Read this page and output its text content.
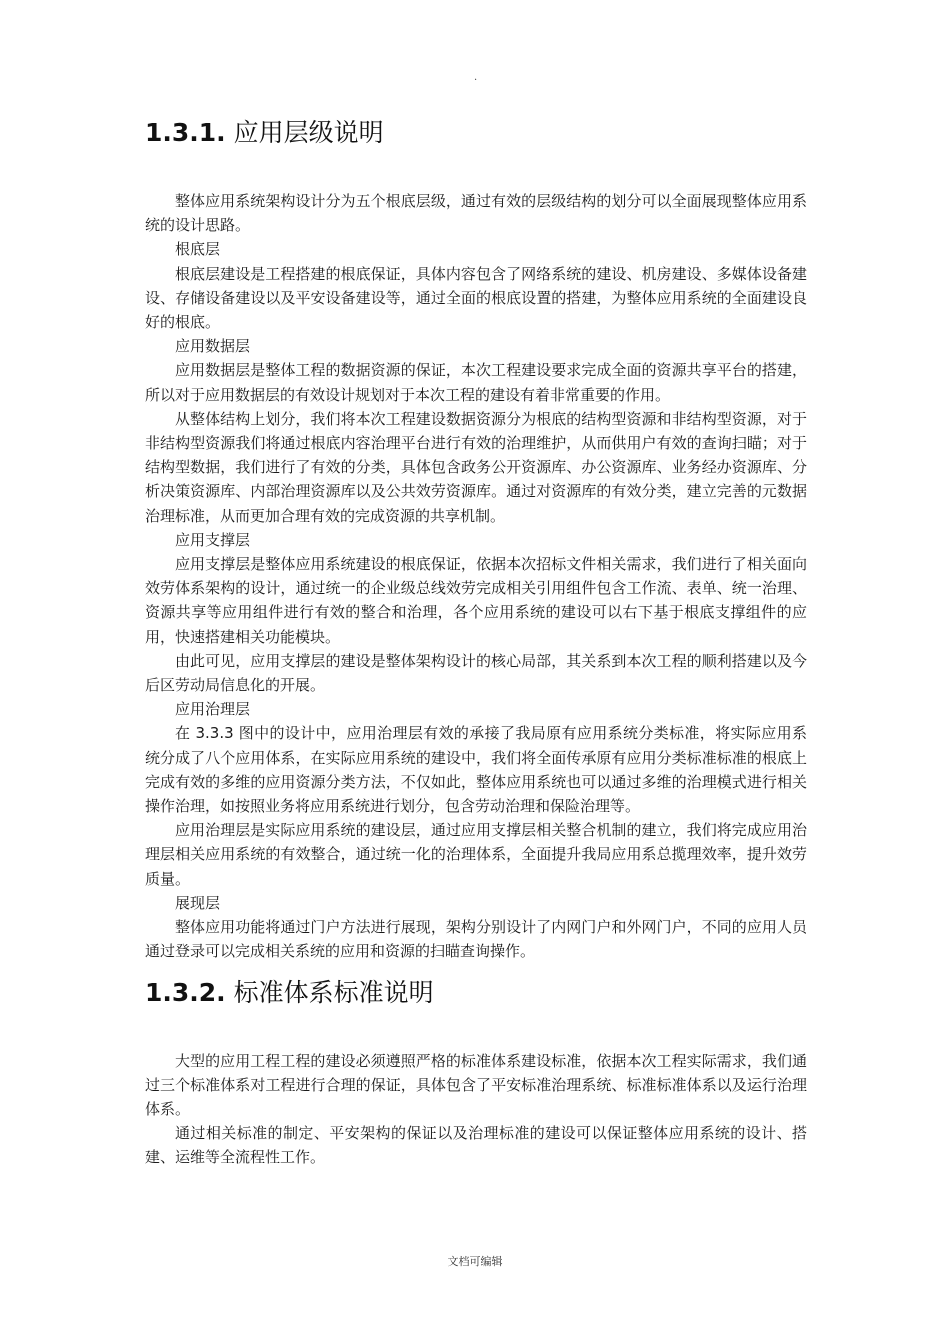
.
1.3.1. 应用层级说明

整体应用系统架构设计分为五个根底层级，通过有效的层级结构的划分可以全面展现整体应用系统的设计思路。

根底层

根底层建设是工程搭建的根底保证，具体内容包含了网络系统的建设、机房建设、多媒体设备建设、存储设备建设以及平安设备建设等，通过全面的根底设置的搭建，为整体应用系统的全面建设良好的根底。

应用数据层

应用数据层是整体工程的数据资源的保证，本次工程建设要求完成全面的资源共享平台的搭建，所以对于应用数据层的有效设计规划对于本次工程的建设有着非常重要的作用。

从整体结构上划分，我们将本次工程建设数据资源分为根底的结构型资源和非结构型资源，对于非结构型资源我们将通过根底内容治理平台进行有效的治理维护，从而供用户有效的查询扫瞄；对于结构型数据，我们进行了有效的分类，具体包含政务公开资源库、办公资源库、业务经办资源库、分析决策资源库、内部治理资源库以及公共效劳资源库。通过对资源库的有效分类，建立完善的元数据治理标准，从而更加合理有效的完成资源的共享机制。

应用支撑层

应用支撑层是整体应用系统建设的根底保证，依据本次招标文件相关需求，我们进行了相关面向效劳体系架构的设计，通过统一的企业级总线效劳完成相关引用组件包含工作流、表单、统一治理、资源共享等应用组件进行有效的整合和治理，各个应用系统的建设可以右下基于根底支撑组件的应用，快速搭建相关功能模块。

由此可见，应用支撑层的建设是整体架构设计的核心局部，其关系到本次工程的顺利搭建以及今后区劳动局信息化的开展。

应用治理层

在 3.3.3 图中的设计中，应用治理层有效的承接了我局原有应用系统分类标准，将实际应用系统分成了八个应用体系，在实际应用系统的建设中，我们将全面传承原有应用分类标准标准的根底上完成有效的多维的应用资源分类方法，不仅如此，整体应用系统也可以通过多维的治理模式进行相关操作治理，如按照业务将应用系统进行划分，包含劳动治理和保险治理等。

应用治理层是实际应用系统的建设层，通过应用支撑层相关整合机制的建立，我们将完成应用治理层相关应用系统的有效整合，通过统一化的治理体系，全面提升我局应用系总揽理效率，提升效劳质量。

展现层

整体应用功能将通过门户方法进行展现，架构分别设计了内网门户和外网门户，不同的应用人员通过登录可以完成相关系统的应用和资源的扫瞄查询操作。

1.3.2. 标准体系标准说明

大型的应用工程工程的建设必须遵照严格的标准体系建设标准，依据本次工程实际需求，我们通过三个标准体系对工程进行合理的保证，具体包含了平安标准治理系统、标准标准体系以及运行治理体系。

通过相关标准的制定、平安架构的保证以及治理标准的建设可以保证整体应用系统的设计、搭建、运维等全流程性工作。

文档可编辑
